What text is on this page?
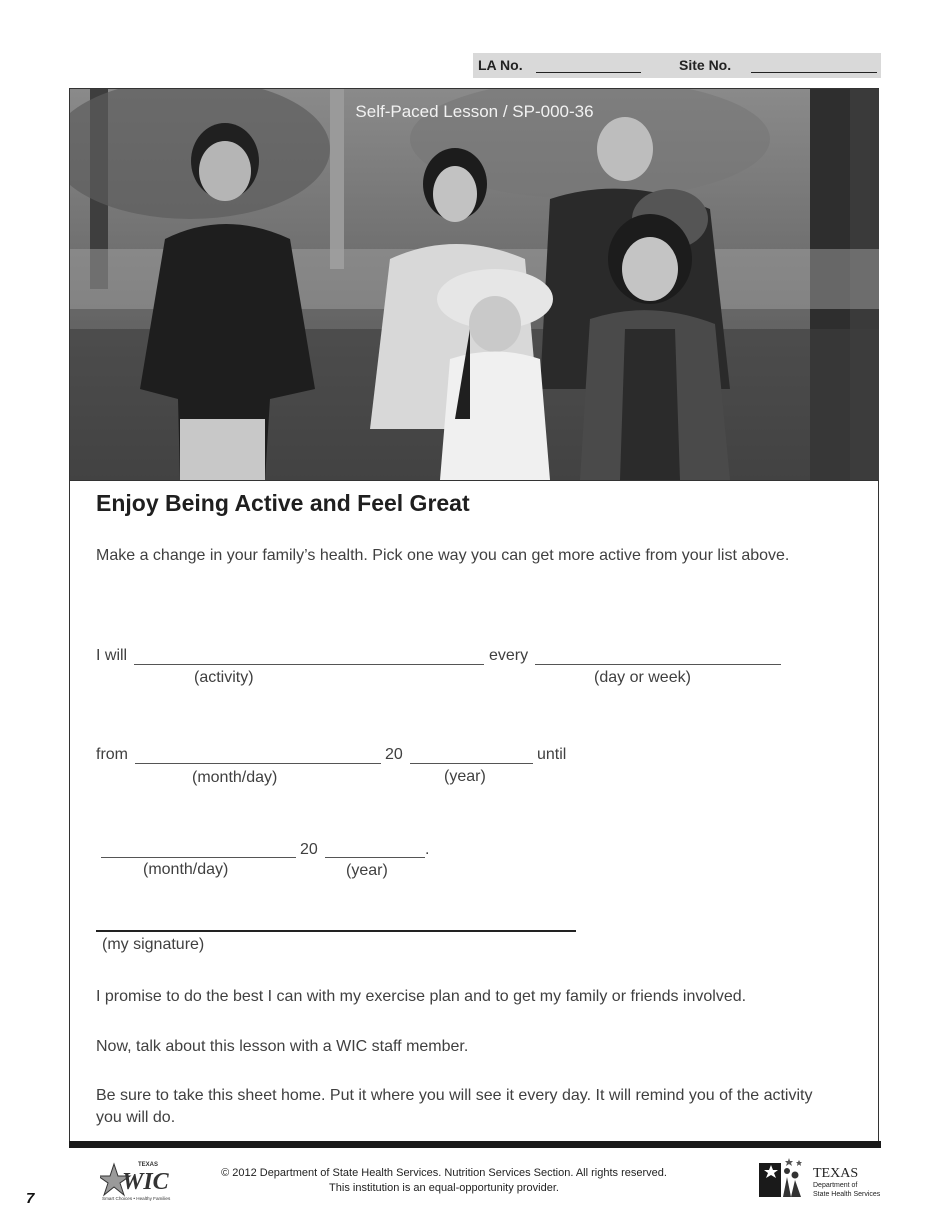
LA No.	Site No.
Self-Paced Lesson / SP-000-36
Enjoy Being Active and Feel Great
Make a change in your family’s health. Pick one way you can get more active from your list above.
I will	every
(activity)	(day or week)
from	20	until
(month/day)	(year)
20	.
(month/day)	(year)
(my signature)
I promise to do the best I can with my exercise plan and to get my family or friends involved.
Now, talk about this lesson with a WIC staff member.
Be sure to take this sheet home. Put it where you will see it every day. It will remind you of the activity
you will do.
TEXAS
WIC
Smart Choices • Healthy Families
© 2012 Department of State Health Services. Nutrition Services Section. All rights reserved.
This institution is an equal-opportunity provider.
TEXAS
Department of
State Health Services
7
